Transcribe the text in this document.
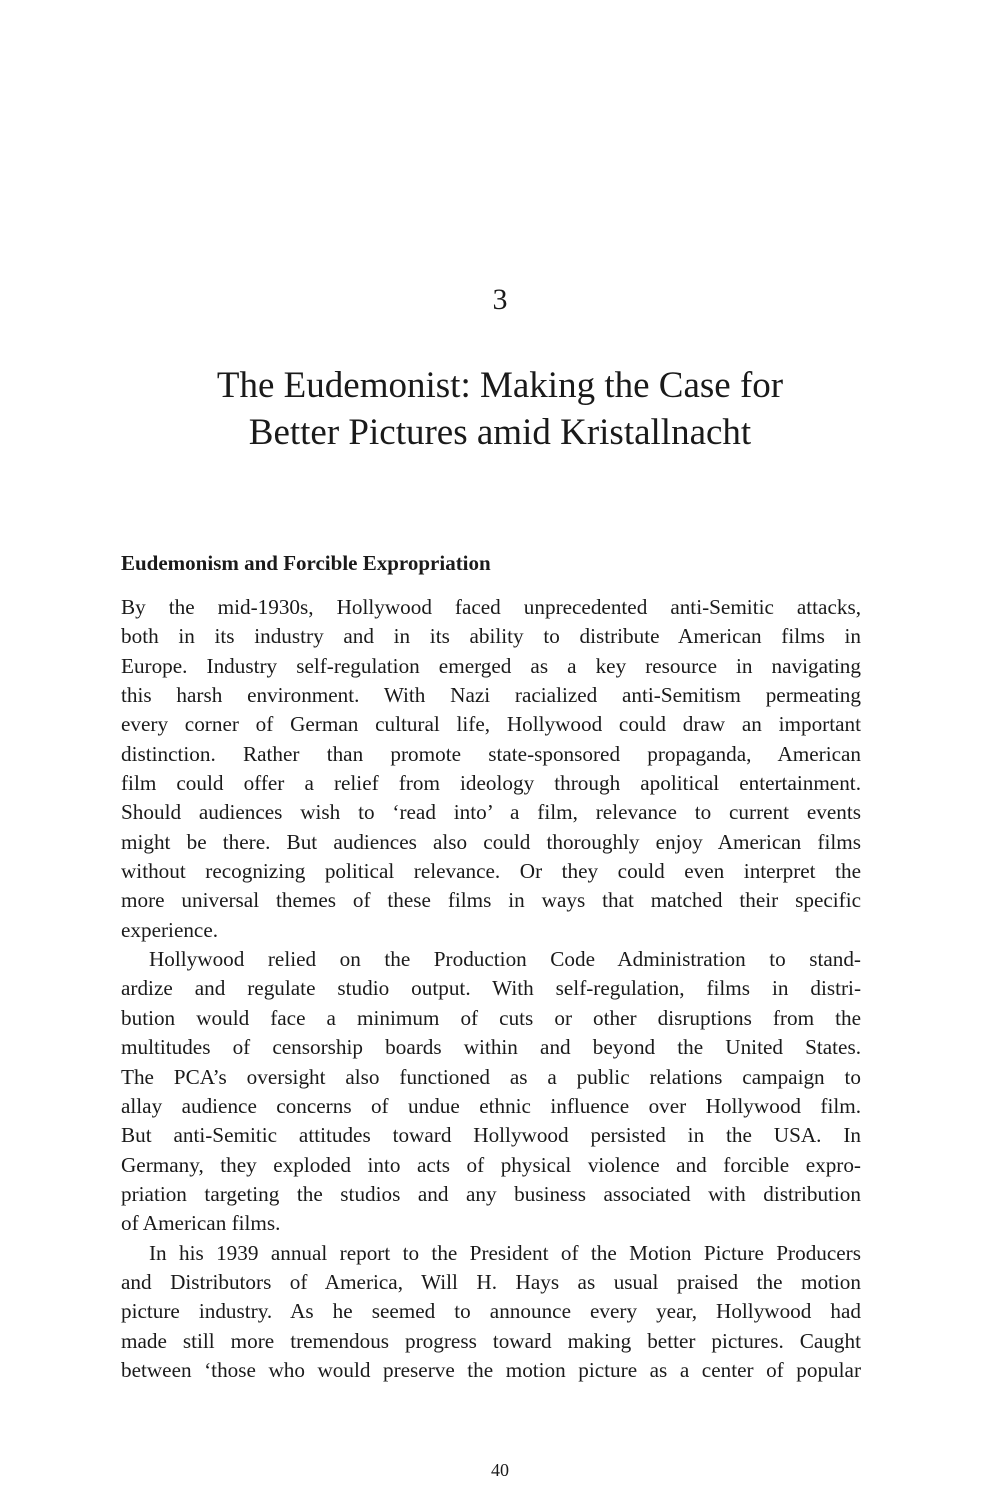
3
The Eudemonist: Making the Case for
Better Pictures amid Kristallnacht
Eudemonism and Forcible Expropriation

By the mid-1930s, Hollywood faced unprecedented anti-Semitic attacks,
both in its industry and in its ability to distribute American films in
Europe. Industry self-regulation emerged as a key resource in navigating
this harsh environment. With Nazi racialized anti-Semitism permeating
every corner of German cultural life, Hollywood could draw an important
distinction. Rather than promote state-sponsored propaganda, American
film could offer a relief from ideology through apolitical entertainment.
Should audiences wish to ‘read into’ a film, relevance to current events
might be there. But audiences also could thoroughly enjoy American films
without recognizing political relevance. Or they could even interpret the
more universal themes of these films in ways that matched their specific
experience.

Hollywood relied on the Production Code Administration to stand-
ardize and regulate studio output. With self-regulation, films in distri-
bution would face a minimum of cuts or other disruptions from the
multitudes of censorship boards within and beyond the United States.
The PCA’s oversight also functioned as a public relations campaign to
allay audience concerns of undue ethnic influence over Hollywood film.
But anti-Semitic attitudes toward Hollywood persisted in the USA. In
Germany, they exploded into acts of physical violence and forcible expro-
priation targeting the studios and any business associated with distribution
of American films.

In his 1939 annual report to the President of the Motion Picture Producers
and Distributors of America, Will H. Hays as usual praised the motion
picture industry. As he seemed to announce every year, Hollywood had
made still more tremendous progress toward making better pictures. Caught
between ‘those who would preserve the motion picture as a center of popular

40
